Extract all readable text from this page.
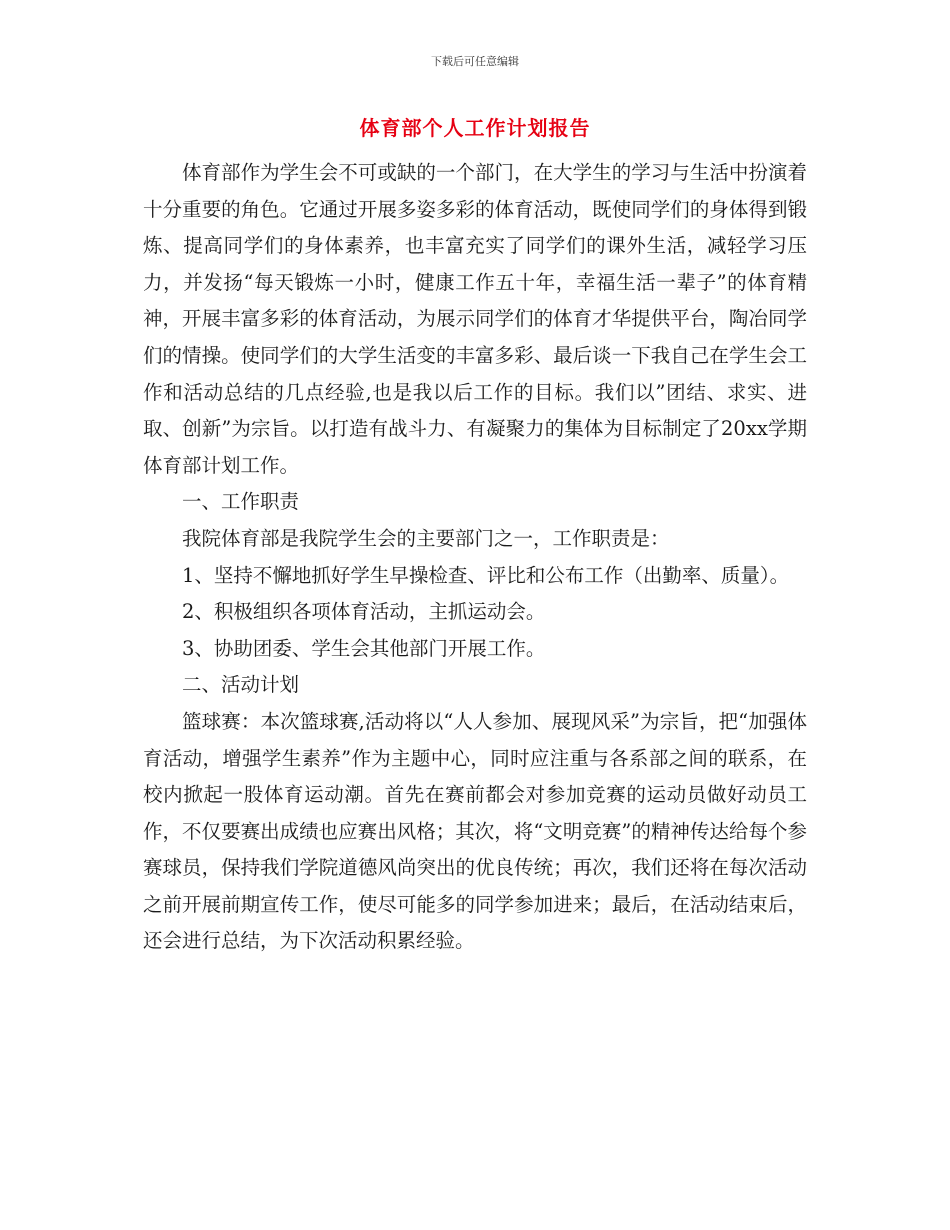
下载后可任意编辑
体育部个人工作计划报告

体育部作为学生会不可或缺的一个部门，在大学生的学习与生活中扮演着十分重要的角色。它通过开展多姿多彩的体育活动，既使同学们的身体得到锻炼、提高同学们的身体素养，也丰富充实了同学们的课外生活，减轻学习压力，并发扬“每天锻炼一小时，健康工作五十年，幸福生活一辈子”的体育精神，开展丰富多彩的体育活动，为展示同学们的体育才华提供平台，陶冶同学们的情操。使同学们的大学生活变的丰富多彩、最后谈一下我自己在学生会工作和活动总结的几点经验,也是我以后工作的目标。我们以”团结、求实、进取、创新”为宗旨。以打造有战斗力、有凝聚力的集体为目标制定了20xx学期体育部计划工作。

一、工作职责

我院体育部是我院学生会的主要部门之一，工作职责是：

1、坚持不懈地抓好学生早操检查、评比和公布工作（出勤率、质量）。

2、积极组织各项体育活动，主抓运动会。

3、协助团委、学生会其他部门开展工作。

二、活动计划

篮球赛：本次篮球赛,活动将以“人人参加、展现风采”为宗旨，把“加强体育活动，增强学生素养”作为主题中心，同时应注重与各系部之间的联系，在校内掀起一股体育运动潮。首先在赛前都会对参加竞赛的运动员做好动员工作，不仅要赛出成绩也应赛出风格；其次，将“文明竞赛”的精神传达给每个参赛球员，保持我们学院道德风尚突出的优良传统；再次，我们还将在每次活动之前开展前期宣传工作，使尽可能多的同学参加进来；最后，在活动结束后，还会进行总结，为下次活动积累经验。
